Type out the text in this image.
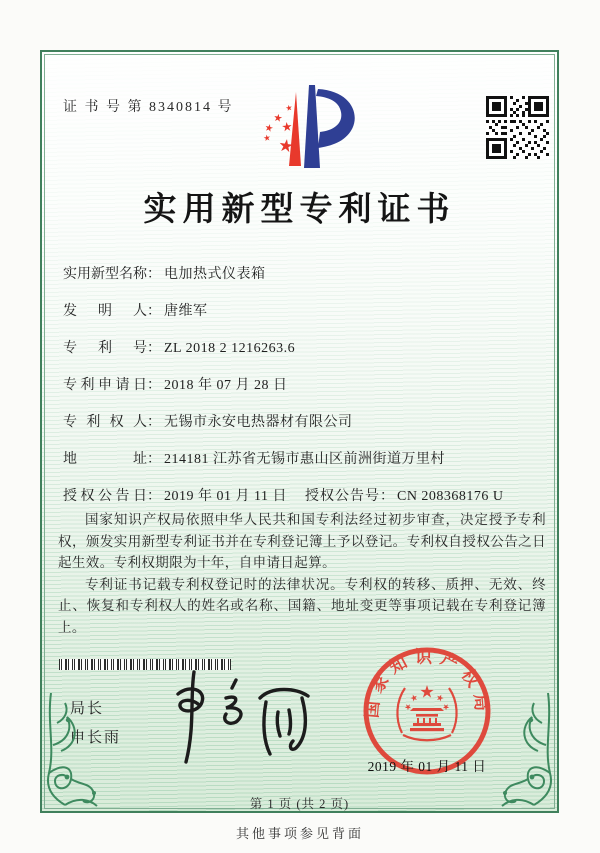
证 书 号 第 8340814 号
实用新型专利证书
实用新型名称： 电加热式仪表箱
发明人： 唐维军
专利号： ZL 2018 2 1216263.6
专利申请日： 2018 年 07 月 28 日
专利权人： 无锡市永安电热器材有限公司
地址： 214181 江苏省无锡市惠山区前洲街道万里村
授权公告日： 2019 年 01 月 11 日 授权公告号： CN 208368176 U

国家知识产权局依照中华人民共和国专利法经过初步审查，决定授予专利权，颁发实用新型专利证书并在专利登记簿上予以登记。专利权自授权公告之日起生效。专利权期限为十年，自申请日起算。

专利证书记载专利权登记时的法律状况。专利权的转移、质押、无效、终止、恢复和专利权人的姓名或名称、国籍、地址变更等事项记载在专利登记簿上。

局长
申长雨
国家知识产权局
2019 年 01 月 11 日
第 1 页 (共 2 页)
其他事项参见背面
